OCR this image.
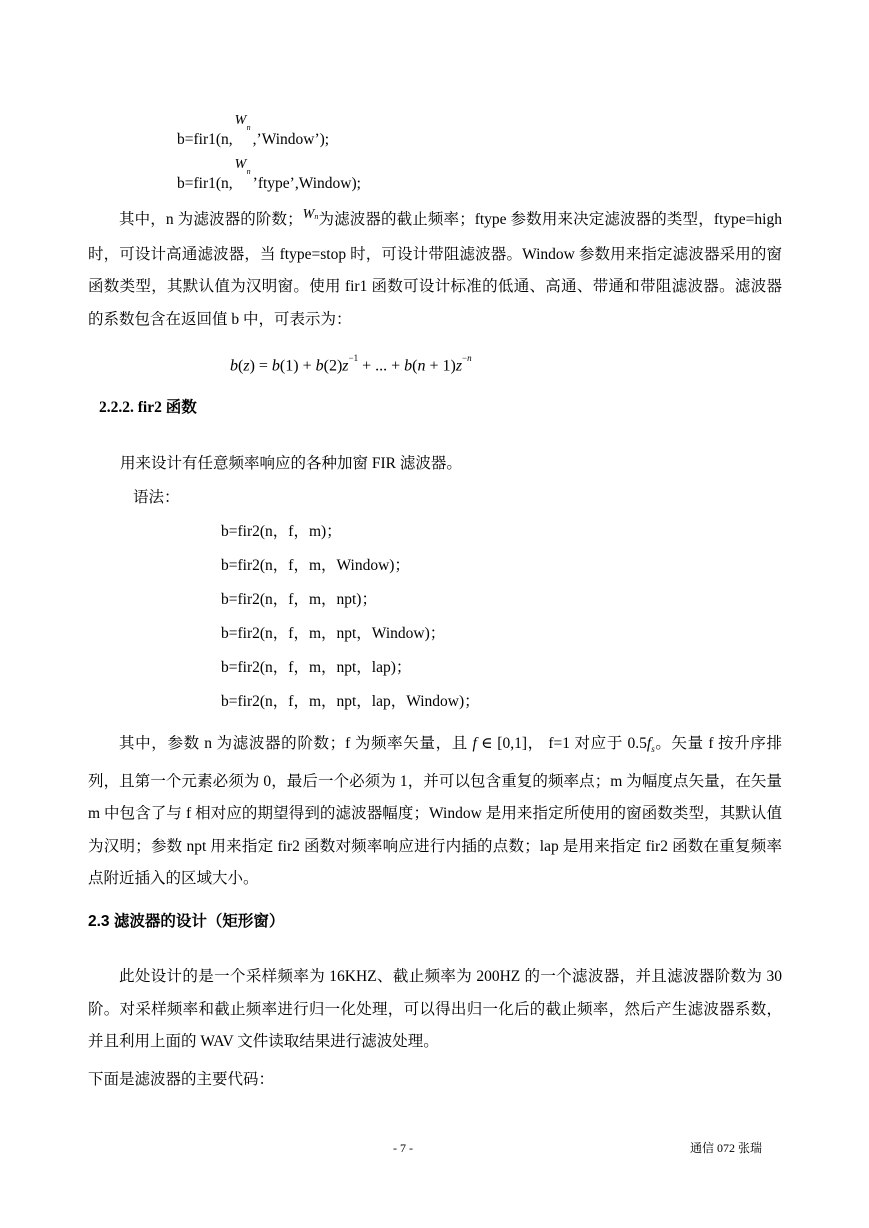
b=fir1(n,
W n
,’Window’);
b=fir1(n,
W n
’ftype’,Window);
其中，n 为滤波器的阶数；$W_n$为滤波器的截止频率；ftype 参数用来决定滤波器的类型，ftype=high 时，可设计高通滤波器，当 ftype=stop 时，可设计带阻滤波器。Window 参数用来指定滤波器采用的窗函数类型，其默认值为汉明窗。使用 fir1 函数可设计标准的低通、高通、带通和带阻滤波器。滤波器的系数包含在返回值 b 中，可表示为：
$b(z) = b(1) + b(2)z^{-1}$ + ... + $b(n + 1)z^{-n}$
2.2.2. fir2 函数
用来设计有任意频率响应的各种加窗 FIR 滤波器。
语法：
b=fir2(n，f，m)；
b=fir2(n，f，m，Window)；
b=fir2(n，f，m，npt)；
b=fir2(n，f，m，npt，Window)；
b=fir2(n，f，m，npt，lap)；
b=fir2(n，f，m，npt，lap，Window)；
其中，参数 n 为滤波器的阶数；f 为频率矢量，且 f ∈ [0,1]， f=1 对应于 $0.5f_s$。矢量 f 按升序排列，且第一个元素必须为 0，最后一个必须为 1，并可以包含重复的频率点；m 为幅度点矢量，在矢量 m 中包含了与 f 相对应的期望得到的滤波器幅度；Window 是用来指定所使用的窗函数类型，其默认值为汉明；参数 npt 用来指定 fir2 函数对频率响应进行内插的点数；lap 是用来指定 fir2 函数在重复频率点附近插入的区域大小。
2.3 滤波器的设计（矩形窗）
此处设计的是一个采样频率为 16KHZ、截止频率为 200HZ 的一个滤波器，并且滤波器阶数为 30 阶。对采样频率和截止频率进行归一化处理，可以得出归一化后的截止频率，然后产生滤波器系数，并且利用上面的 WAV 文件读取结果进行滤波处理。
下面是滤波器的主要代码：
- 7 -	通信 072 张瑞
